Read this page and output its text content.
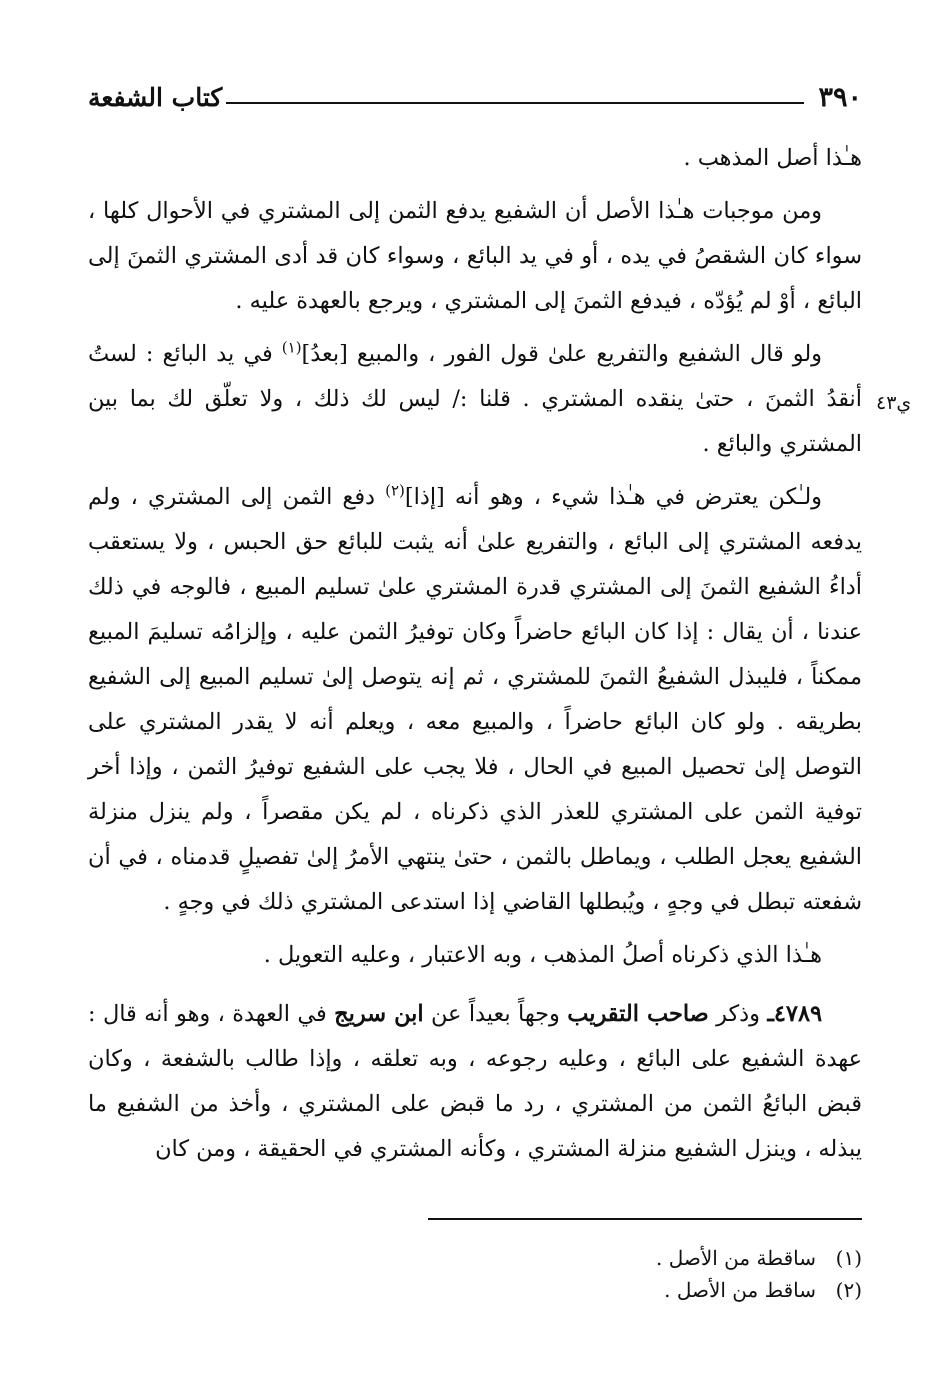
٣٩٠
كتاب الشفعة

هـٰذا أصل المذهب .

ومن موجبات هـٰذا الأصل أن الشفيع يدفع الثمن إلى المشتري في الأحوال كلها ، سواء كان الشقصُ في يده ، أو في يد البائع ، وسواء كان قد أدى المشتري الثمنَ إلى البائع ، أوْ لم يُؤدّه ، فيدفع الثمنَ إلى المشتري ، ويرجع بالعهدة عليه .

ولو قال الشفيع والتفريع علىٰ قول الفور ، والمبيع [بعدُ]$^{(١)}$ في يد البائع : لستُ أنقدُ الثمنَ ، حتىٰ ينقده المشتري . قلنا :/ ليس لك ذلك ، ولا تعلّق لك بما بين المشتري والبائع .

ولـٰكن يعترض في هـٰذا شيء ، وهو أنه [إذا]$^{(٢)}$ دفع الثمن إلى المشتري ، ولم يدفعه المشتري إلى البائع ، والتفريع علىٰ أنه يثبت للبائع حق الحبس ، ولا يستعقب أداءُ الشفيع الثمنَ إلى المشتري قدرة المشتري علىٰ تسليم المبيع ، فالوجه في ذلك عندنا ، أن يقال : إذا كان البائع حاضراً وكان توفيرُ الثمن عليه ، وإلزامُه تسليمَ المبيع ممكناً ، فليبذل الشفيعُ الثمنَ للمشتري ، ثم إنه يتوصل إلىٰ تسليم المبيع إلى الشفيع بطريقه . ولو كان البائع حاضراً ، والمبيع معه ، ويعلم أنه لا يقدر المشتري على التوصل إلىٰ تحصيل المبيع في الحال ، فلا يجب على الشفيع توفيرُ الثمن ، وإذا أخر توفية الثمن على المشتري للعذر الذي ذكرناه ، لم يكن مقصراً ، ولم ينزل منزلة الشفيع يعجل الطلب ، ويماطل بالثمن ، حتىٰ ينتهي الأمرُ إلىٰ تفصيلٍ قدمناه ، في أن شفعته تبطل في وجهٍ ، ويُبطلها القاضي إذا استدعى المشتري ذلك في وجهٍ .

هـٰذا الذي ذكرناه أصلُ المذهب ، وبه الاعتبار ، وعليه التعويل .

٤٧٨٩ـ وذكر صاحب التقريب وجهاً بعيداً عن ابن سريج في العهدة ، وهو أنه قال : عهدة الشفيع على البائع ، وعليه رجوعه ، وبه تعلقه ، وإذا طالب بالشفعة ، وكان قبض البائعُ الثمن من المشتري ، رد ما قبض على المشتري ، وأخذ من الشفيع ما يبذله ، وينزل الشفيع منزلة المشتري ، وكأنه المشتري في الحقيقة ، ومن كان

ي٤٣
(١)ساقطة من الأصل .
(٢)ساقط من الأصل .
